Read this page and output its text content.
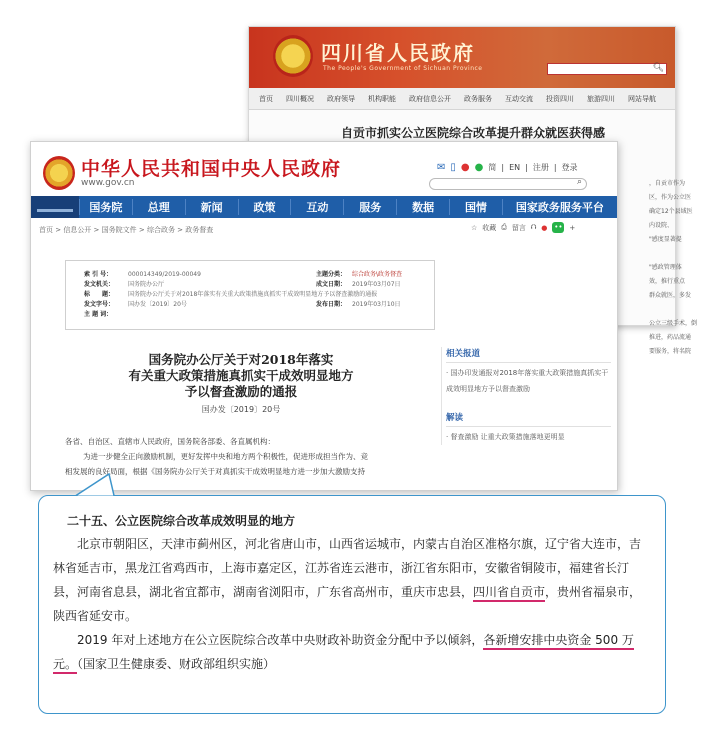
四川省人民政府
The People's Government of Sichuan Province	🔍︎
首页 四川概况 政府领导 机构职能 政府信息公开 政务服务 互动交流 投资四川 旅游四川 网站导航
自贡市抓实公立医院综合改革提升群众就医获得感
，自贡市作为
区，作为公立医
确定12个县域医
内设院、
"感度显著提
"感政管理体
效，推行重点
群众就医，多发
公立三级手术，倒
推进，药品流通
要服务，将名院
中华人民共和国中央人民政府
www.gov.cn
✉ ▯ ● ● 简 | EN | 注册 | 登录
⌕
国务院	总理	新闻	政策	互动	服务	数据	国情	国家政务服务平台
首页 > 信息公开 > 国务院文件 > 综合政务 > 政务督查	☆ 收藏 ⎙ 留言 ⮉ ● •• +
索 引 号：	000014349/2019-00049	主题分类： 综合政务\政务督查
发文机关： 国务院办公厅	成文日期： 2019年03月07日
标　　题： 国务院办公厅关于对2018年落实有关重大政策措施真抓实干成效明显地方予以督查激励的通报
发文字号： 国办发〔2019〕20号	发布日期： 2019年03月10日
主 题 词：
国务院办公厅关于对2018年落实
有关重大政策措施真抓实干成效明显地方
予以督查激励的通报
国办发〔2019〕20号

各省、自治区、直辖市人民政府，国务院各部委、各直属机构：

为进一步健全正向激励机制，更好发挥中央和地方两个积极性，促进形成担当作为、竞

相发展的良好局面，根据《国务院办公厅关于对真抓实干成效明显地方进一步加大激励支持

相关报道
· 国办印发通报对2018年落实重大政策措施真抓实干成效明显地方予以督查激励
解读
· 督查激励 让重大政策措施落地更明显
二十五、公立医院综合改革成效明显的地方
北京市朝阳区，天津市蓟州区，河北省唐山市，山西省运城市，内蒙古自治区准格尔旗，辽宁省大连市，吉林省延吉市，黑龙江省鸡西市，上海市嘉定区，江苏省连云港市，浙江省东阳市，安徽省铜陵市，福建省长汀县，河南省息县，湖北省宜都市，湖南省浏阳市，广东省高州市，重庆市忠县，四川省自贡市，贵州省福泉市，陕西省延安市。
2019 年对上述地方在公立医院综合改革中央财政补助资金分配中予以倾斜，各新增安排中央资金 500 万元。（国家卫生健康委、财政部组织实施）
